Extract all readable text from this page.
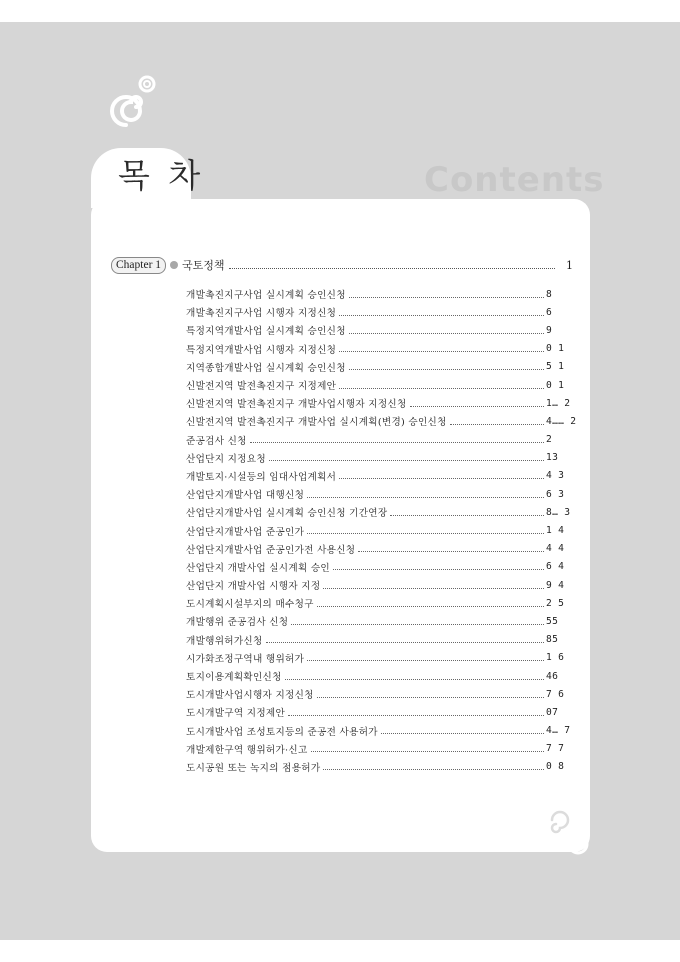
목 차	Contents
Chapter 1	국토정책	1
개발촉진지구사업 실시계획 승인신청	8
개발촉진지구사업 시행자 지정신청	6
특정지역개발사업 실시계획 승인신청	9
특정지역개발사업 시행자 지정신청	0 1
지역종합개발사업 실시계획 승인신청	5 1
신발전지역 발전촉진지구 지정제안	0 1
신발전지역 발전촉진지구 개발사업시행자 지정신청	1… 2
신발전지역 발전촉진지구 개발사업 실시계획(변경) 승인신청	4…… 2
준공검사 신청	2
산업단지 지정요청	13
개발토지·시설등의 임대사업계획서	4 3
산업단지개발사업 대행신청	6 3
산업단지개발사업 실시계획 승인신청 기간연장	8… 3
산업단지개발사업 준공인가	1 4
산업단지개발사업 준공인가전 사용신청	4 4
산업단지 개발사업 실시계획 승인	6 4
산업단지 개발사업 시행자 지정	9 4
도시계획시설부지의 매수청구	2 5
개발행위 준공검사 신청	55
개발행위허가신청	85
시가화조정구역내 행위허가	1 6
토지이용계획확인신청	46
도시개발사업시행자 지정신청	7 6
도시개발구역 지정제안	07
도시개발사업 조성토지등의 준공전 사용허가	4… 7
개발제한구역 행위허가·신고	7 7
도시공원 또는 녹지의 점용허가	0 8
